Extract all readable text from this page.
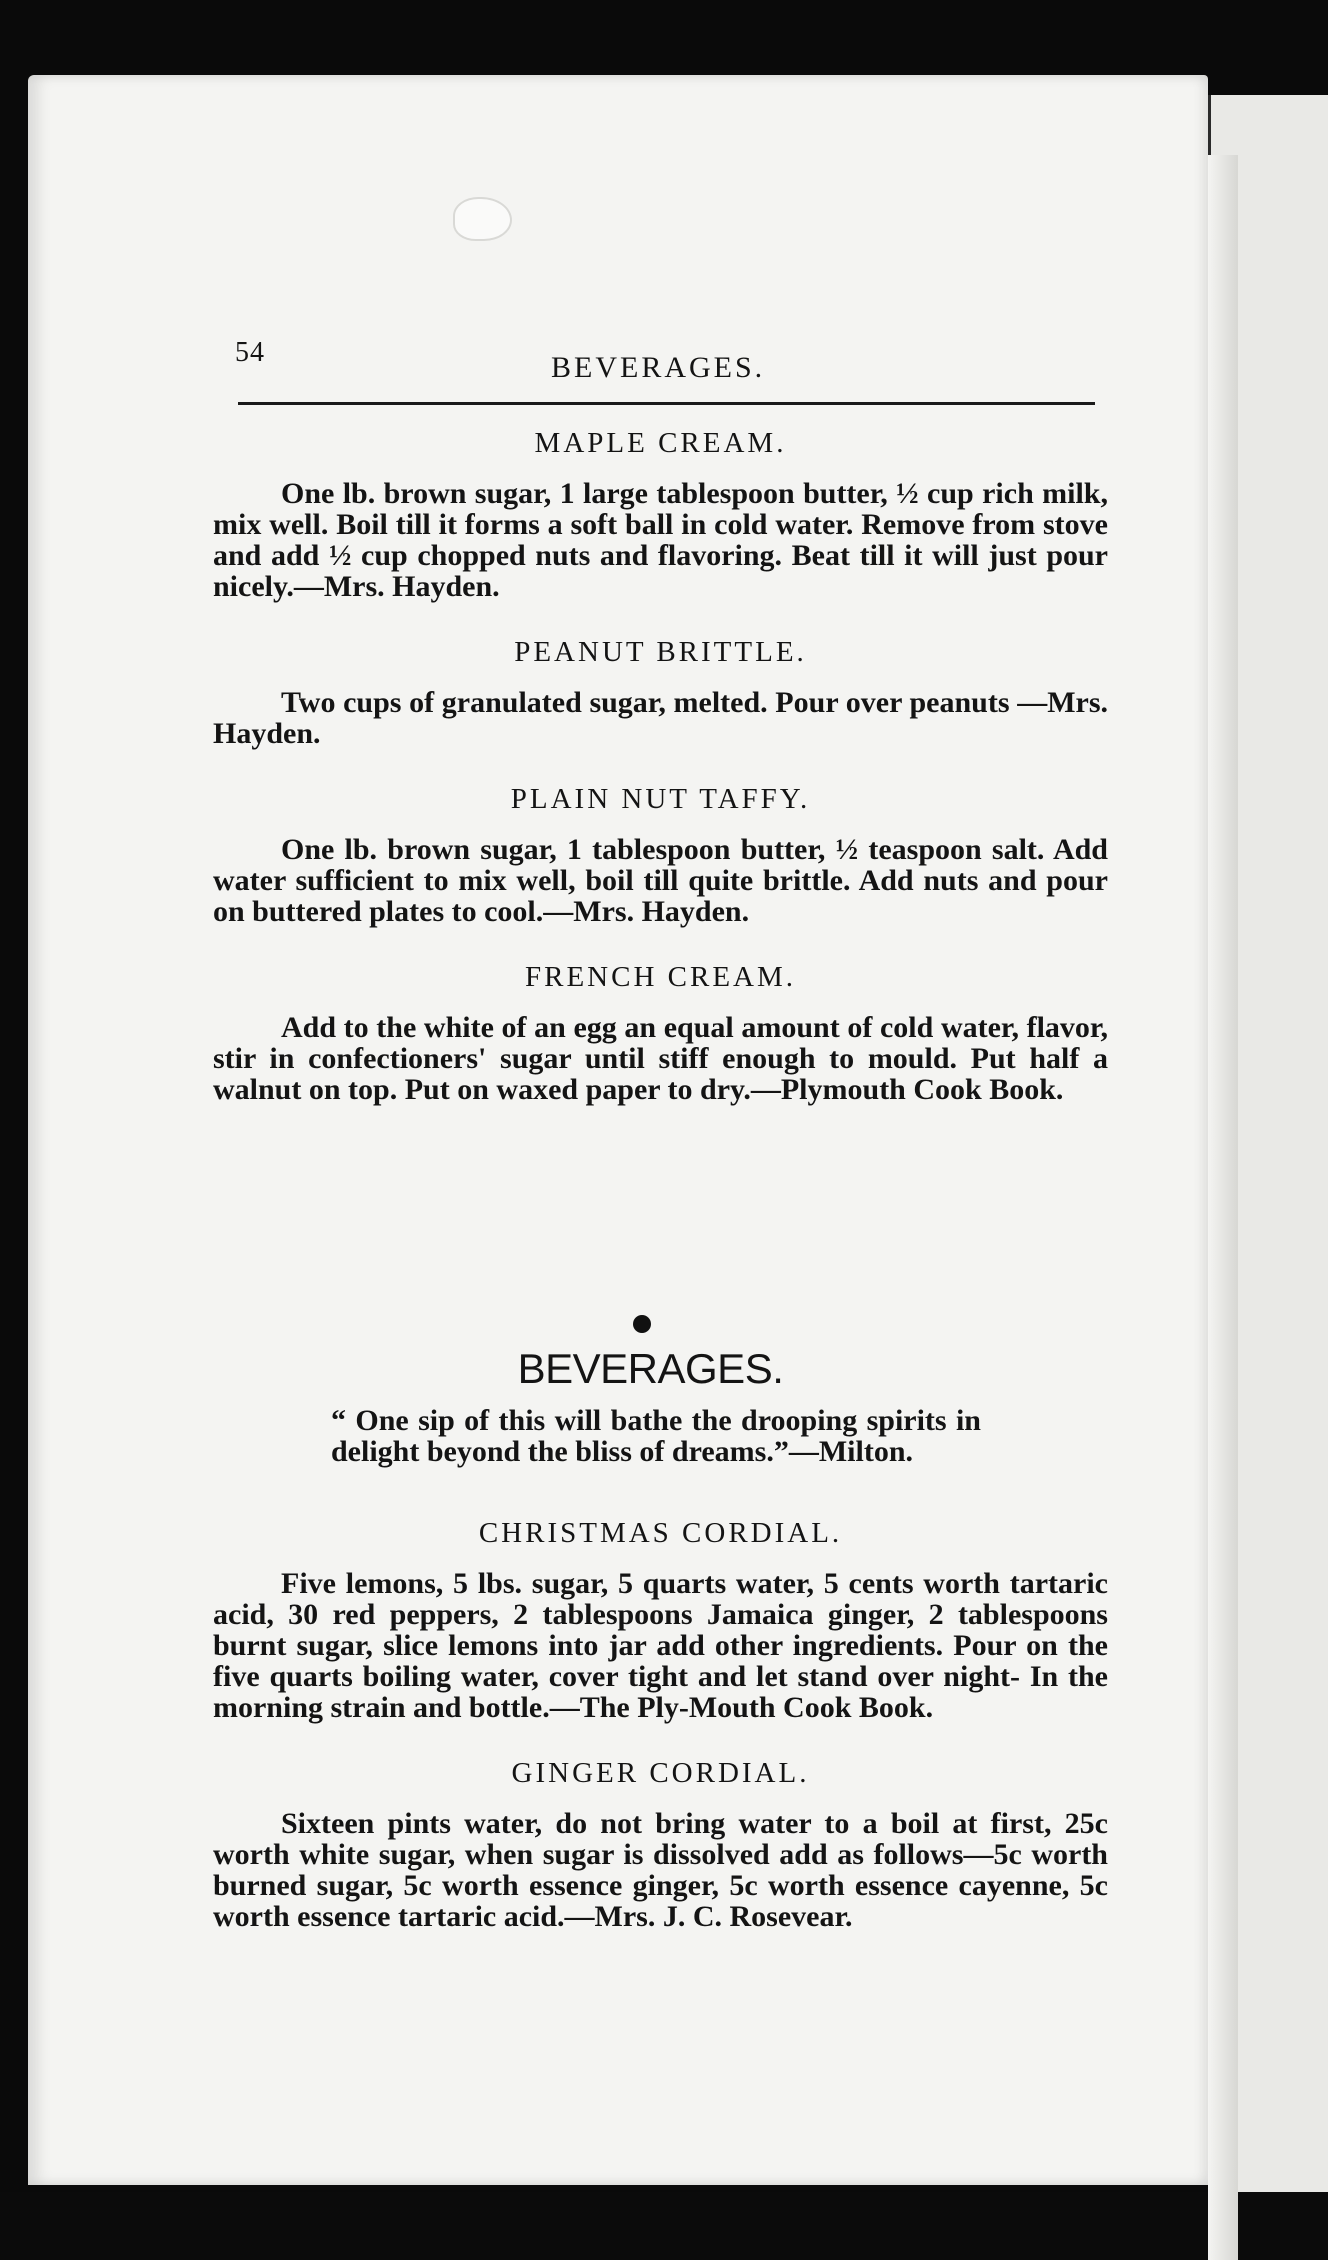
54	BEVERAGES.
MAPLE CREAM.

One lb. brown sugar, 1 large tablespoon butter, ½ cup rich milk, mix well. Boil till it forms a soft ball in cold water. Remove from stove and add ½ cup chopped nuts and flavoring. Beat till it will just pour nicely.—Mrs. Hayden.

PEANUT BRITTLE.

Two cups of granulated sugar, melted. Pour over peanuts —Mrs. Hayden.

PLAIN NUT TAFFY.

One lb. brown sugar, 1 tablespoon butter, ½ teaspoon salt. Add water sufficient to mix well, boil till quite brittle. Add nuts and pour on buttered plates to cool.—Mrs. Hayden.

FRENCH CREAM.

Add to the white of an egg an equal amount of cold water, flavor, stir in confectioners' sugar until stiff enough to mould. Put half a walnut on top. Put on waxed paper to dry.—Plymouth Cook Book.

BEVERAGES.
“ One sip of this will bathe the drooping spirits in delight beyond the bliss of dreams.”—Milton.
CHRISTMAS CORDIAL.

Five lemons, 5 lbs. sugar, 5 quarts water, 5 cents worth tartaric acid, 30 red peppers, 2 tablespoons Jamaica ginger, 2 tablespoons burnt sugar, slice lemons into jar add other ingredients. Pour on the five quarts boiling water, cover tight and let stand over night- In the morning strain and bottle.—The Ply-Mouth Cook Book.

GINGER CORDIAL.

Sixteen pints water, do not bring water to a boil at first, 25c worth white sugar, when sugar is dissolved add as follows—5c worth burned sugar, 5c worth essence ginger, 5c worth essence cayenne, 5c worth essence tartaric acid.—Mrs. J. C. Rosevear.
